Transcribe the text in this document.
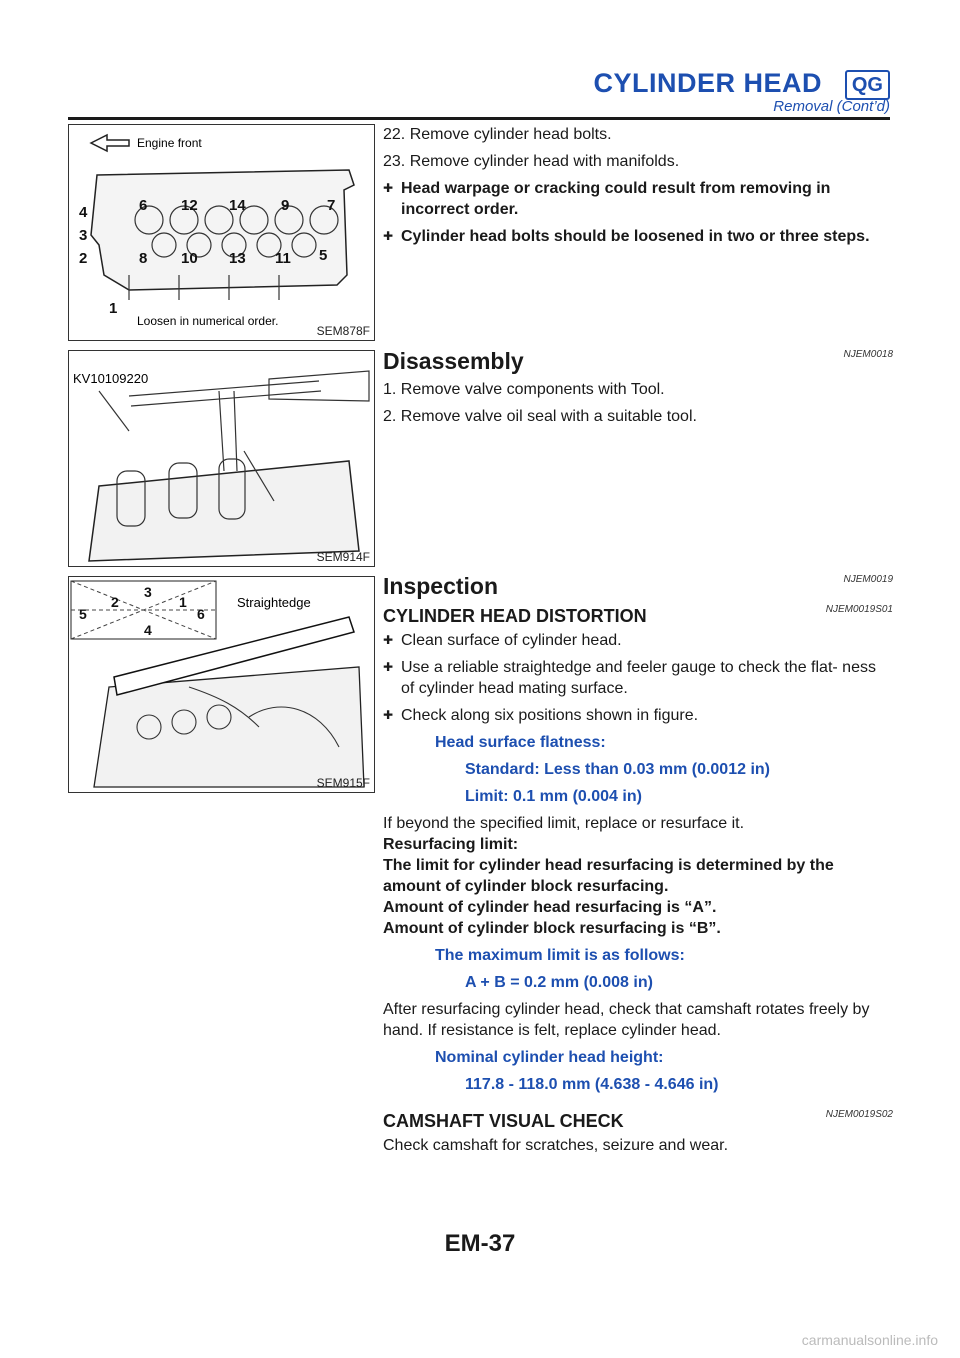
CYLINDER HEAD	QG
Removal (Cont’d)
Engine front
1
2
3
4
5
6	7
8
9
10	11
12
13
14
Loosen in numerical order.
SEM878F
KV10109220
SEM914F
1
2
3
4
5	6
Straightedge
SEM915F

22. Remove cylinder head bolts.

23. Remove cylinder head with manifolds.

✚ Head warpage or cracking could result from removing in incorrect order.

✚ Cylinder head bolts should be loosened in two or three steps.

Disassembly	NJEM0018

1. Remove valve components with Tool.

2. Remove valve oil seal with a suitable tool.

Inspection	NJEM0019
CYLINDER HEAD DISTORTION	NJEM0019S01

✚ Clean surface of cylinder head.

✚ Use a reliable straightedge and feeler gauge to check the flat- ness of cylinder head mating surface.

✚ Check along six positions shown in figure.

Head surface flatness:

Standard: Less than 0.03 mm (0.0012 in)

Limit: 0.1 mm (0.004 in)

If beyond the specified limit, replace or resurface it.

Resurfacing limit:

The limit for cylinder head resurfacing is determined by the amount of cylinder block resurfacing.

Amount of cylinder head resurfacing is “A”.

Amount of cylinder block resurfacing is “B”.

The maximum limit is as follows:

A + B = 0.2 mm (0.008 in)

After resurfacing cylinder head, check that camshaft rotates freely by hand. If resistance is felt, replace cylinder head.

Nominal cylinder head height:

117.8 - 118.0 mm (4.638 - 4.646 in)

CAMSHAFT VISUAL CHECK	NJEM0019S02

Check camshaft for scratches, seizure and wear.

EM-37
carmanualsonline.info
